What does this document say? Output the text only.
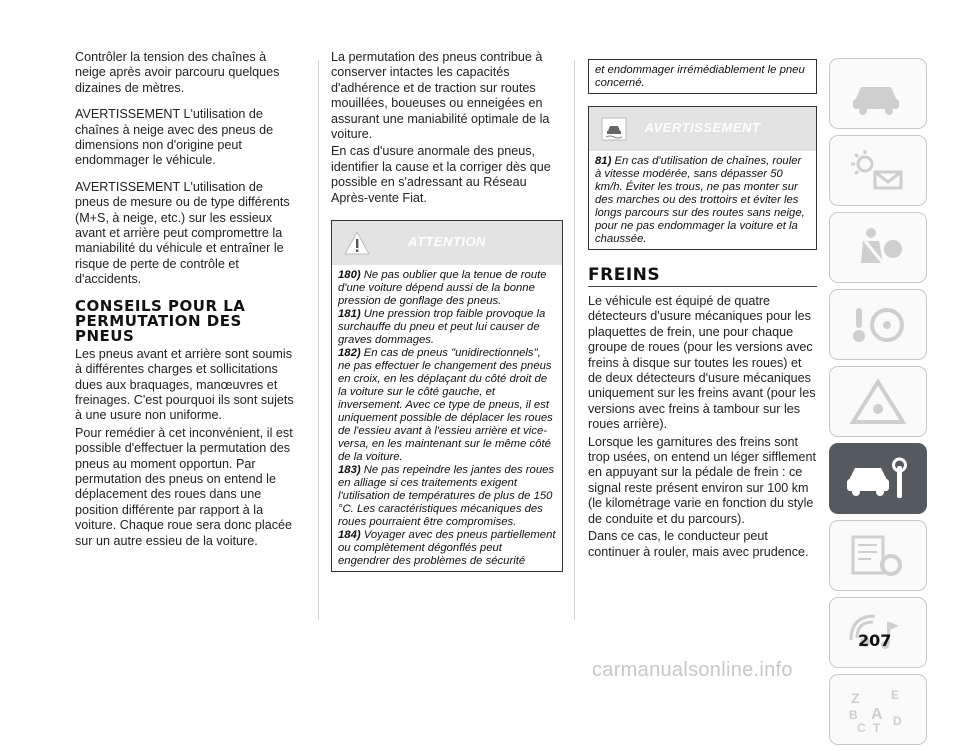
Contrôler la tension des chaînes à neige après avoir parcouru quelques dizaines de mètres.

AVERTISSEMENT L'utilisation de chaînes à neige avec des pneus de dimensions non d'origine peut endommager le véhicule.

AVERTISSEMENT L'utilisation de pneus de mesure ou de type différents (M+S, à neige, etc.) sur les essieux avant et arrière peut compromettre la maniabilité du véhicule et entraîner le risque de perte de contrôle et d'accidents.

CONSEILS POUR LA PERMUTATION DES PNEUS

Les pneus avant et arrière sont soumis à différentes charges et sollicitations dues aux braquages, manœuvres et freinages. C'est pourquoi ils sont sujets à une usure non uniforme.

Pour remédier à cet inconvénient, il est possible d'effectuer la permutation des pneus au moment opportun. Par permutation des pneus on entend le déplacement des roues dans une position différente par rapport à la voiture. Chaque roue sera donc placée sur un autre essieu de la voiture.

La permutation des pneus contribue à conserver intactes les capacités d'adhérence et de traction sur routes mouillées, boueuses ou enneigées en assurant une maniabilité optimale de la voiture.

En cas d'usure anormale des pneus, identifier la cause et la corriger dès que possible en s'adressant au Réseau Après-vente Fiat.

ATTENTION

180) Ne pas oublier que la tenue de route d'une voiture dépend aussi de la bonne pression de gonflage des pneus.

181) Une pression trop faible provoque la surchauffe du pneu et peut lui causer de graves dommages.

182) En cas de pneus "unidirectionnels", ne pas effectuer le changement des pneus en croix, en les déplaçant du côté droit de la voiture sur le côté gauche, et inversement. Avec ce type de pneus, il est uniquement possible de déplacer les roues de l'essieu avant à l'essieu arrière et vice-versa, en les maintenant sur le même côté de la voiture.

183) Ne pas repeindre les jantes des roues en alliage si ces traitements exigent l'utilisation de températures de plus de 150 °C. Les caractéristiques mécaniques des roues pourraient être compromises.

184) Voyager avec des pneus partiellement ou complètement dégonflés peut engendrer des problèmes de sécurité

et endommager irrémédiablement le pneu concerné.

AVERTISSEMENT

81) En cas d'utilisation de chaînes, rouler à vitesse modérée, sans dépasser 50 km/h. Éviter les trous, ne pas monter sur des marches ou des trottoirs et éviter les longs parcours sur des routes sans neige, pour ne pas endommager la voiture et la chaussée.

FREINS

Le véhicule est équipé de quatre détecteurs d'usure mécaniques pour les plaquettes de frein, une pour chaque groupe de roues (pour les versions avec freins à disque sur toutes les roues) et de deux détecteurs d'usure mécaniques uniquement sur les freins avant (pour les versions avec freins à tambour sur les roues arrière).

Lorsque les garnitures des freins sont trop usées, on entend un léger sifflement en appuyant sur la pédale de frein : ce signal reste présent environ sur 100 km (le kilométrage varie en fonction du style de conduite et du parcours).

Dans ce cas, le conducteur peut continuer à rouler, mais avec prudence.

Z	E
B A
C T D
207
carmanualsonline.info
